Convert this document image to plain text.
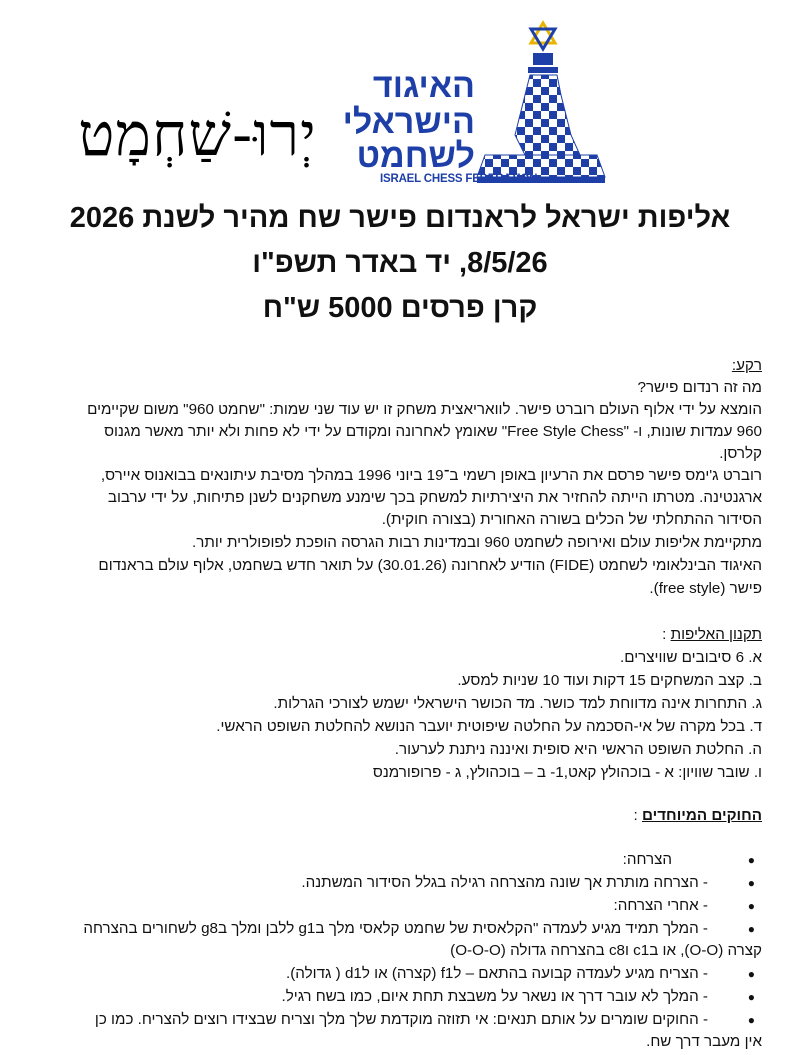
יְרוּ-שַׁחְמָט
האיגוד
הישראלי
לשחמט
ISRAEL CHESS FEDERATION
אליפות ישראל לראנדום פישר שח מהיר לשנת 2026
8/5/26, יד באדר תשפ"ו
קרן פרסים 5000 ש"ח
רקע:
מה זה רנדום פישר?
הומצא על ידי אלוף העולם רוברט פישר. לוואריאצית משחק זו יש עוד שני שמות: "שחמט 960" משום שקיימים
960 עמדות שונות, ו- "Free Style Chess" שאומץ לאחרונה ומקודם על ידי לא פחות ולא יותר מאשר מגנוס
קלרסן.
רוברט ג'ימס פישר פרסם את הרעיון באופן רשמי ב־19 ביוני 1996 במהלך מסיבת עיתונאים בבואנוס איירס,
ארגנטינה. מטרתו הייתה להחזיר את היצירתיות למשחק בכך שימנע משחקנים לשנן פתיחות, על ידי ערבוב
הסידור ההתחלתי של הכלים בשורה האחורית (בצורה חוקית).
מתקיימת אליפות עולם ואירופה לשחמט 960 ובמדינות רבות הגרסה הופכת לפופולרית יותר.
האיגוד הבינלאומי לשחמט (FIDE) הודיע לאחרונה (30.01.26) על תואר חדש בשחמט, אלוף עולם בראנדום
פישר (free style).
תקנון האליפות :
א. 6 סיבובים שוויצרים.
ב. קצב המשחקים 15 דקות ועוד 10 שניות למסע.
ג. התחרות אינה מדווחת למד כושר. מד הכושר הישראלי ישמש לצורכי הגרלות.
ד. בכל מקרה של אי-הסכמה על החלטה שיפוטית יועבר הנושא להחלטת השופט הראשי.
ה. החלטת השופט הראשי היא סופית ואיננה ניתנת לערעור.
ו. שובר שוויון: א - בוכהולץ קאט,1- ב – בוכהולץ, ג - פרופורמנס
החוקים המיוחדים :
●
הצרחה:
●
- הצרחה מותרת אך שונה מהצרחה רגילה בגלל הסידור המשתנה.
●
- אחרי הצרחה:
●
- המלך תמיד מגיע לעמדה "הקלאסית של שחמט קלאסי מלך בg1 ללבן ומלך בg8 לשחורים בהצרחה
קצרה (O-O), או בc1 וc8 בהצרחה גדולה (O-O-O)
●
- הצריח מגיע לעמדה קבועה בהתאם – לf1 (קצרה) או לd1 ( גדולה).
●
- המלך לא עובר דרך או נשאר על משבצת תחת איום, כמו בשח רגיל.
●
- החוקים שומרים על אותם תנאים: אי תזוזה מוקדמת שלך מלך וצריח שבצידו רוצים להצריח. כמו כן
אין מעבר דרך שח.
